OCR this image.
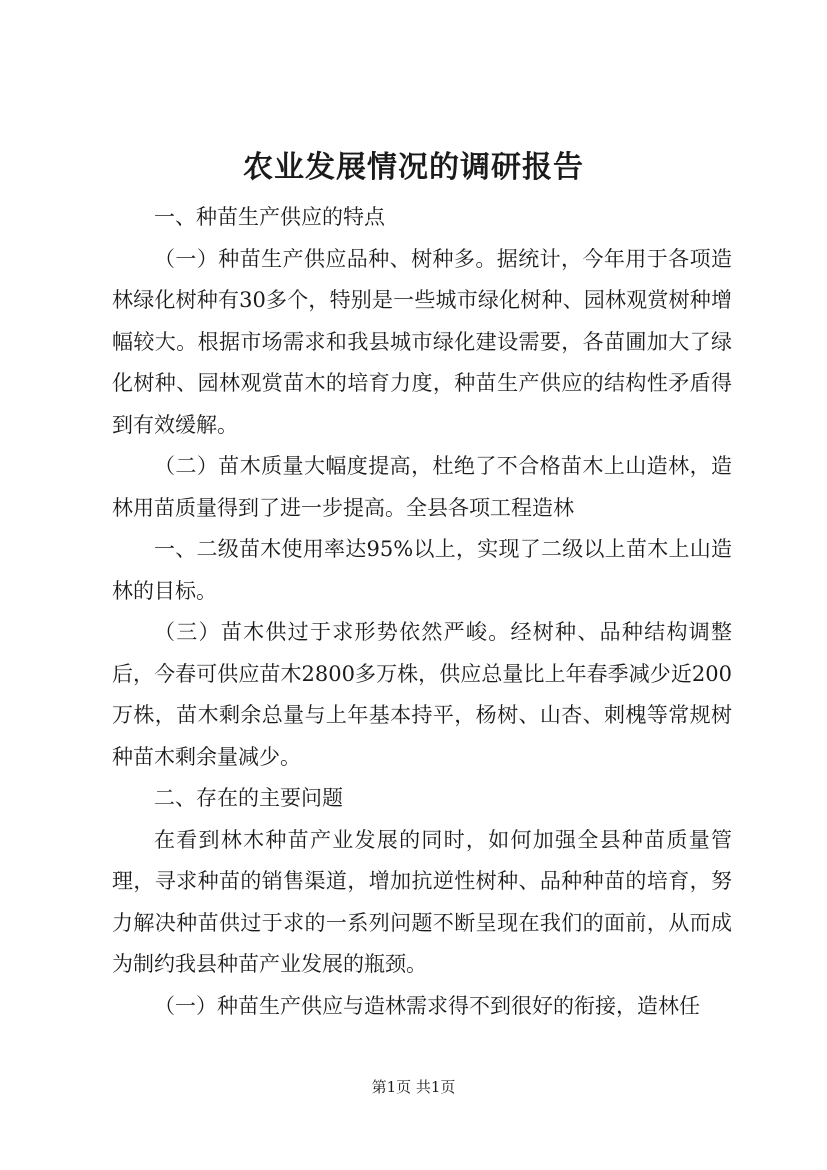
农业发展情况的调研报告

一、种苗生产供应的特点

（一）种苗生产供应品种、树种多。据统计，今年用于各项造林绿化树种有30多个，特别是一些城市绿化树种、园林观赏树种增幅较大。根据市场需求和我县城市绿化建设需要，各苗圃加大了绿化树种、园林观赏苗木的培育力度，种苗生产供应的结构性矛盾得到有效缓解。

（二）苗木质量大幅度提高，杜绝了不合格苗木上山造林，造林用苗质量得到了进一步提高。全县各项工程造林

一、二级苗木使用率达95%以上，实现了二级以上苗木上山造林的目标。

（三）苗木供过于求形势依然严峻。经树种、品种结构调整后，今春可供应苗木2800多万株，供应总量比上年春季减少近200万株，苗木剩余总量与上年基本持平，杨树、山杏、刺槐等常规树种苗木剩余量减少。

二、存在的主要问题

在看到林木种苗产业发展的同时，如何加强全县种苗质量管理，寻求种苗的销售渠道，增加抗逆性树种、品种种苗的培育，努力解决种苗供过于求的一系列问题不断呈现在我们的面前，从而成为制约我县种苗产业发展的瓶颈。

（一）种苗生产供应与造林需求得不到很好的衔接，造林任

第1页 共1页
